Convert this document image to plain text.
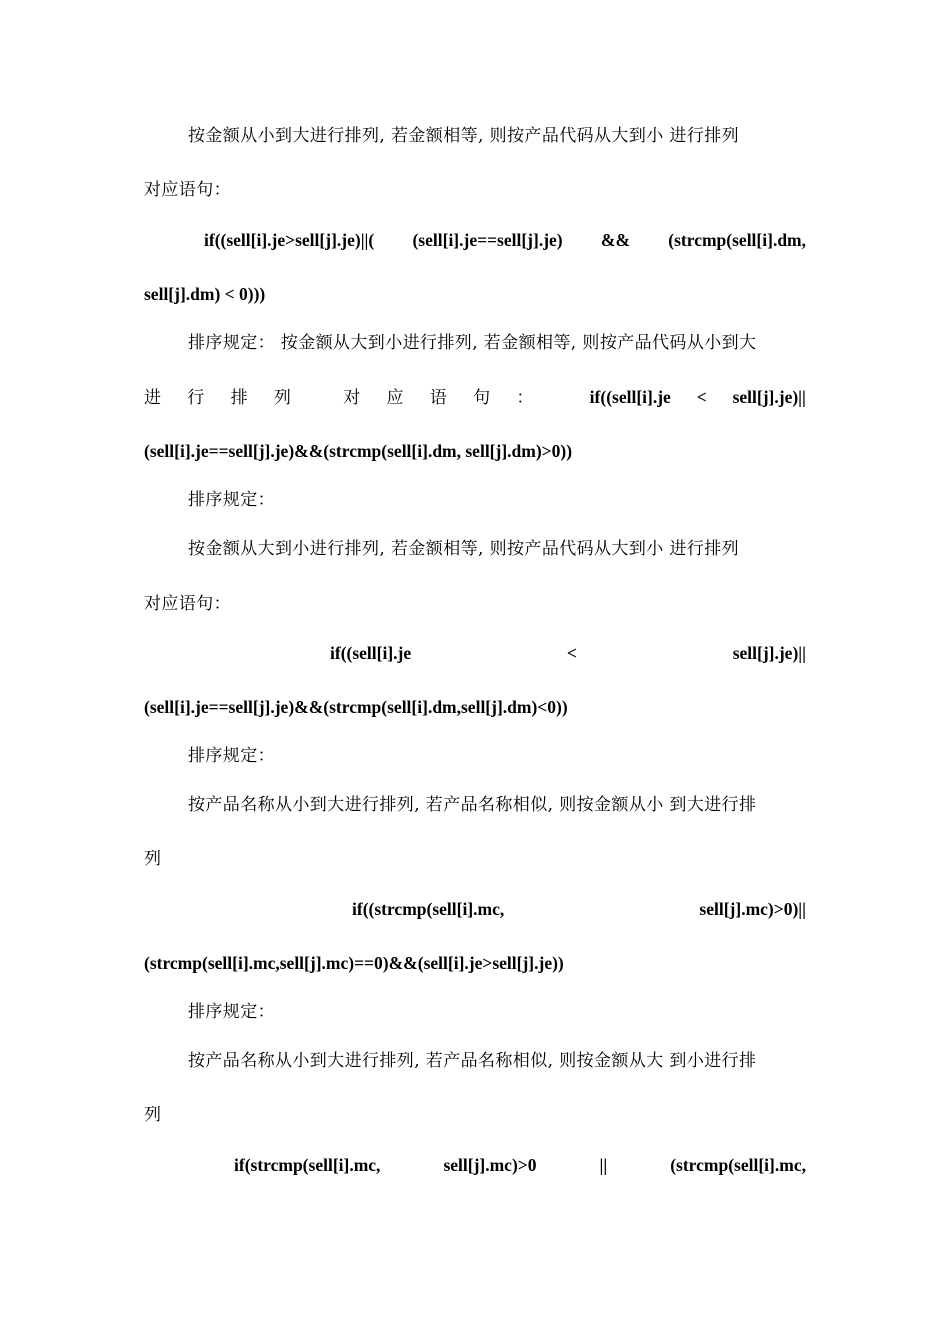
按金额从小到大进行排列, 若金额相等, 则按产品代码从大到小 进行排列
对应语句：
if((sell[i].je>sell[j].je)||( (sell[i].je==sell[j].je) && (strcmp(sell[i].dm,
sell[j].dm) < 0)))
排序规定： 按金额从大到小进行排列, 若金额相等, 则按产品代码从小到大
进 行 排 列	对 应 语 句 ：	if((sell[i].je < sell[j].je)||
(sell[i].je==sell[j].je)&&(strcmp(sell[i].dm, sell[j].dm)>0))
排序规定：
按金额从大到小进行排列, 若金额相等, 则按产品代码从大到小 进行排列
对应语句：
if((sell[i].je	<	sell[j].je)||
(sell[i].je==sell[j].je)&&(strcmp(sell[i].dm,sell[j].dm)<0))
排序规定：
按产品名称从小到大进行排列, 若产品名称相似, 则按金额从小 到大进行排
列
if((strcmp(sell[i].mc,	sell[j].mc)>0)||
(strcmp(sell[i].mc,sell[j].mc)==0)&&(sell[i].je>sell[j].je))
排序规定：
按产品名称从小到大进行排列, 若产品名称相似, 则按金额从大 到小进行排
列
if(strcmp(sell[i].mc,	sell[j].mc)>0	||	(strcmp(sell[i].mc,
